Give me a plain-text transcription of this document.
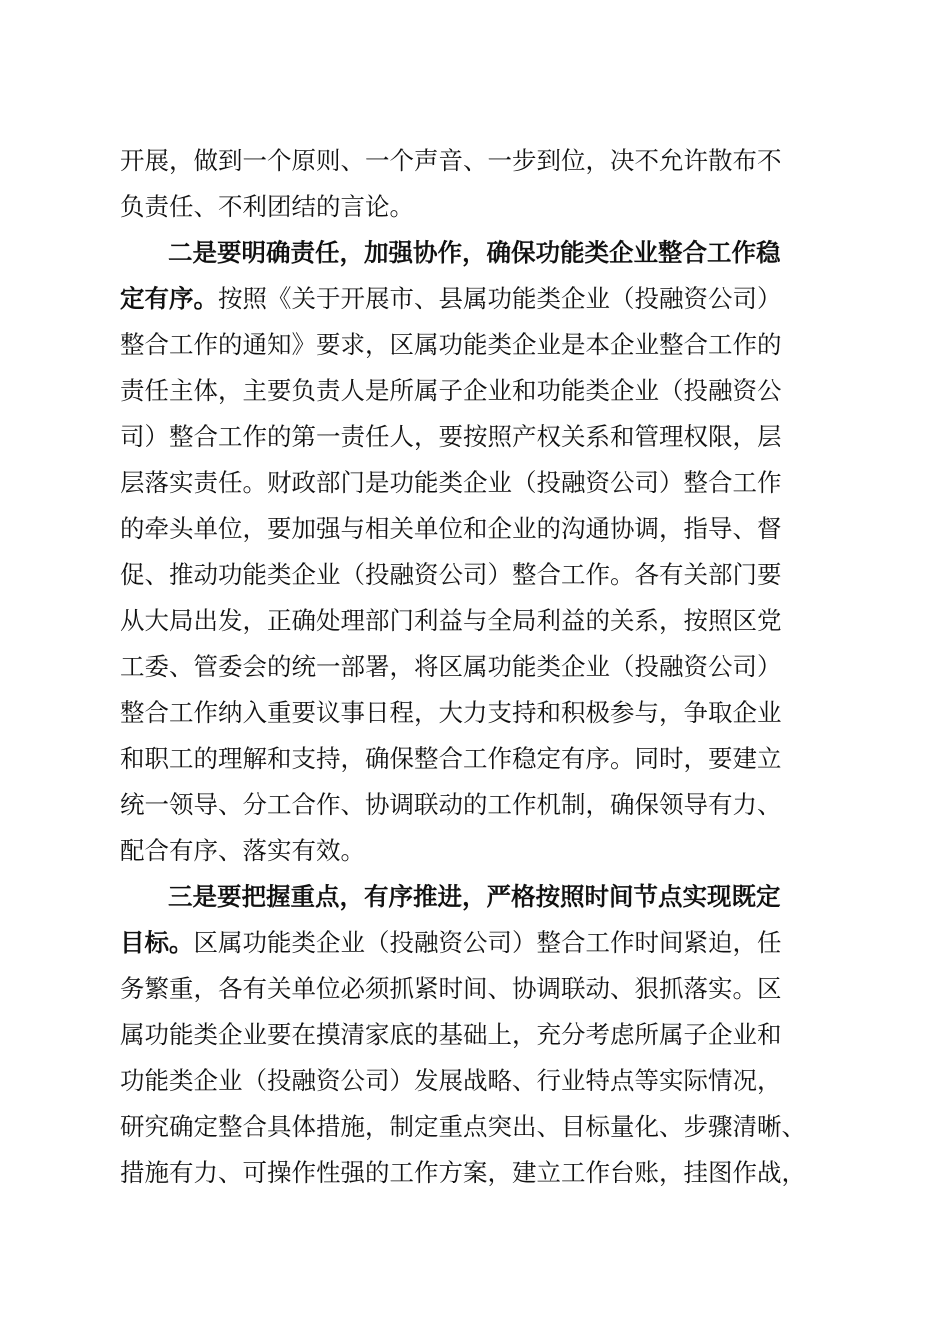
开展，做到一个原则、一个声音、一步到位，决不允许散布不
负责任、不利团结的言论。
二是要明确责任，加强协作，确保功能类企业整合工作稳
定有序。按照《关于开展市、县属功能类企业（投融资公司）
整合工作的通知》要求，区属功能类企业是本企业整合工作的
责任主体，主要负责人是所属子企业和功能类企业（投融资公
司）整合工作的第一责任人，要按照产权关系和管理权限，层
层落实责任。财政部门是功能类企业（投融资公司）整合工作
的牵头单位，要加强与相关单位和企业的沟通协调，指导、督
促、推动功能类企业（投融资公司）整合工作。各有关部门要
从大局出发，正确处理部门利益与全局利益的关系，按照区党
工委、管委会的统一部署，将区属功能类企业（投融资公司）
整合工作纳入重要议事日程，大力支持和积极参与，争取企业
和职工的理解和支持，确保整合工作稳定有序。同时，要建立
统一领导、分工合作、协调联动的工作机制，确保领导有力、
配合有序、落实有效。
三是要把握重点，有序推进，严格按照时间节点实现既定
目标。区属功能类企业（投融资公司）整合工作时间紧迫，任
务繁重，各有关单位必须抓紧时间、协调联动、狠抓落实。区
属功能类企业要在摸清家底的基础上，充分考虑所属子企业和
功能类企业（投融资公司）发展战略、行业特点等实际情况，
研究确定整合具体措施，制定重点突出、目标量化、步骤清晰、
措施有力、可操作性强的工作方案，建立工作台账，挂图作战，
